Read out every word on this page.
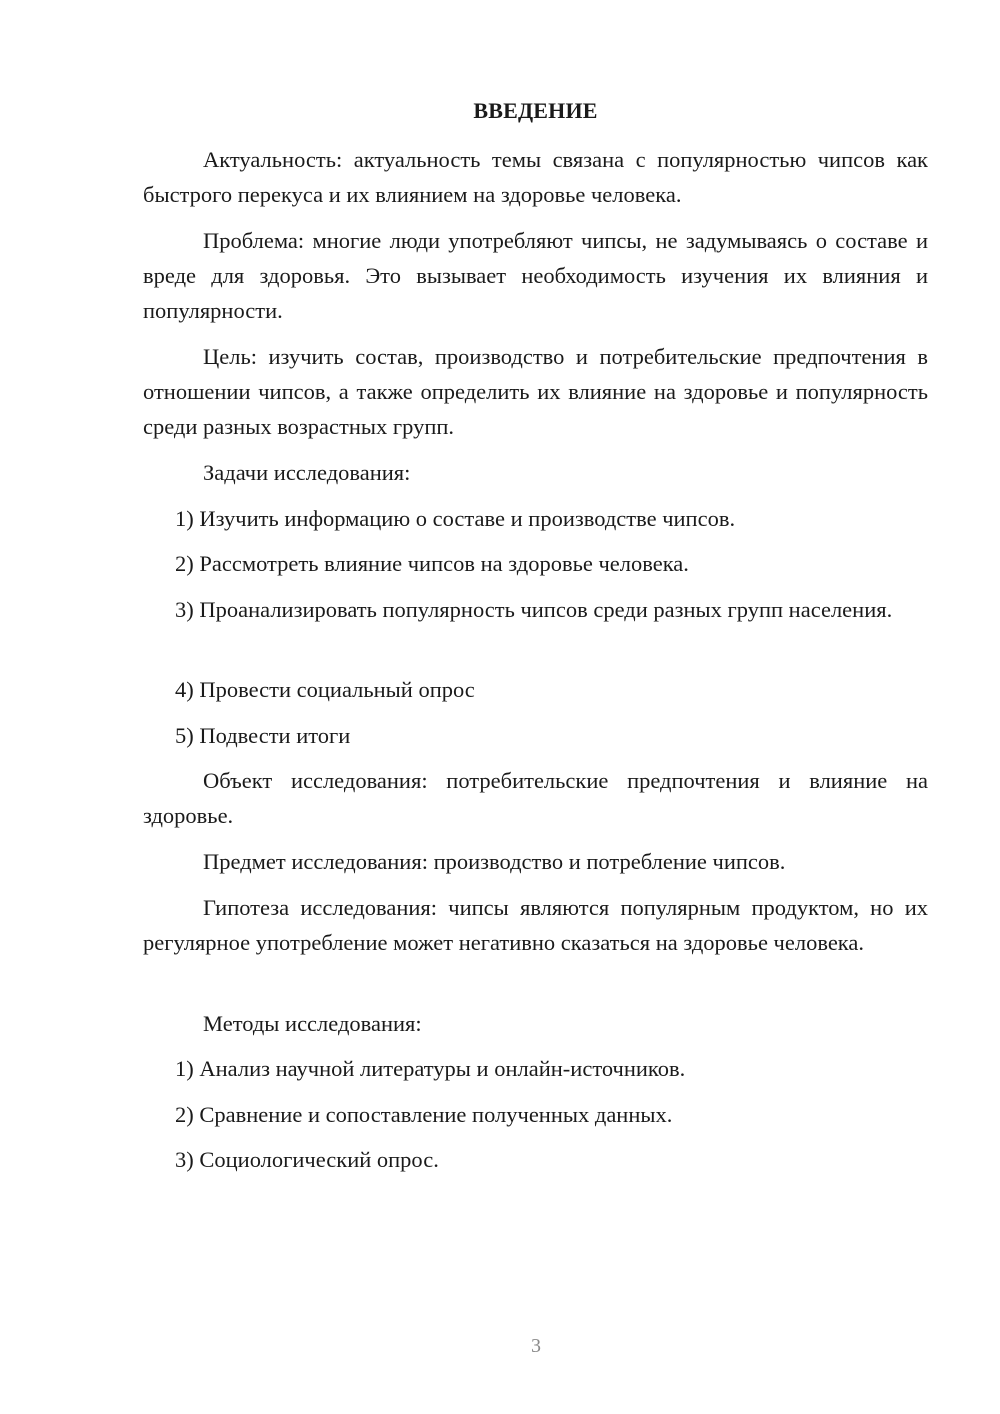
ВВЕДЕНИЕ
Актуальность: актуальность темы связана с популярностью чипсов как быстрого перекуса и их влиянием на здоровье человека.
Проблема: многие люди употребляют чипсы, не задумываясь о составе и вреде для здоровья. Это вызывает необходимость изучения их влияния и популярности.
Цель: изучить состав, производство и потребительские предпочтения в отношении чипсов, а также определить их влияние на здоровье и популярность среди разных возрастных групп.
Задачи исследования:
1) Изучить информацию о составе и производстве чипсов.
2) Рассмотреть влияние чипсов на здоровье человека.
3) Проанализировать популярность чипсов среди разных групп населения.
4) Провести социальный опрос
5) Подвести итоги
Объект исследования: потребительские предпочтения и влияние на здоровье.
Предмет исследования: производство и потребление чипсов.
Гипотеза исследования: чипсы являются популярным продуктом, но их регулярное употребление может негативно сказаться на здоровье человека.
Методы исследования:
1) Анализ научной литературы и онлайн-источников.
2) Сравнение и сопоставление полученных данных.
3) Социологический опрос.
3
